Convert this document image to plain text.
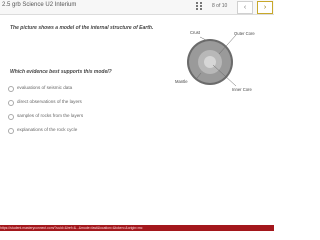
2.5 grb Science U2 Interium	8 of 10	‹	›
The picture shows a model of the internal structure of Earth.
Crust	Outer Core
Mantle
Inner Core
Which evidence best supports this model?
evaluations of seismic data
direct observations of the layers
samples of rocks from the layers
explanations of the rock cycle
https://student.masteryconnect.com/?uuid=&iref=&...&mode=fast&location=&token=&origin=mc
